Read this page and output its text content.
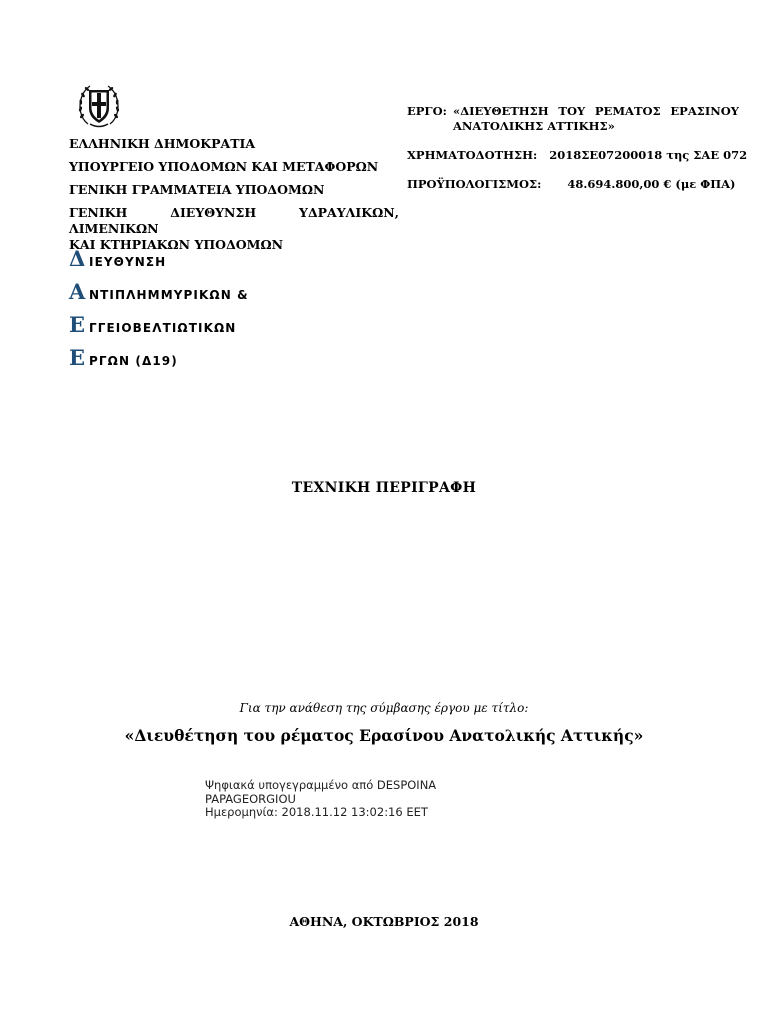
ΕΛΛΗΝΙΚΗ ΔΗΜΟΚΡΑΤΙΑ
ΥΠΟΥΡΓΕΙΟ ΥΠΟΔΟΜΩΝ ΚΑΙ ΜΕΤΑΦΟΡΩΝ
ΓΕΝΙΚΗ ΓΡΑΜΜΑΤΕΙΑ ΥΠΟΔΟΜΩΝ
ΓΕΝΙΚΗ ΔΙΕΥΘΥΝΣΗ ΥΔΡΑΥΛΙΚΩΝ, ΛΙΜΕΝΙΚΩΝ
ΚΑΙ ΚΤΗΡΙΑΚΩΝ ΥΠΟΔΟΜΩΝ
Δ ΙΕΥΘΥΝΣΗ
Α ΝΤΙΠΛΗΜΜΥΡΙΚΩΝ &
Ε ΓΓΕΙΟΒΕΛΤΙΩΤΙΚΩΝ
Ε ΡΓΩΝ (Δ19)
ΕΡΓΟ: «ΔΙΕΥΘΕΤΗΣΗ ΤΟΥ ΡΕΜΑΤΟΣ ΕΡΑΣΙΝΟΥ
ΑΝΑΤΟΛΙΚΗΣ ΑΤΤΙΚΗΣ»
ΧΡΗΜΑΤΟΔΟΤΗΣΗ: 2018ΣΕ07200018 της ΣΑΕ 072
ΠΡΟΫΠΟΛΟΓΙΣΜΟΣ: 48.694.800,00 € (με ΦΠΑ)
ΤΕΧΝΙΚΗ ΠΕΡΙΓΡΑΦΗ
Για την ανάθεση της σύμβασης έργου με τίτλο:
«Διευθέτηση του ρέματος Ερασίνου Ανατολικής Αττικής»
Ψηφιακά υπογεγραμμένο από DESPOINA
PAPAGEORGIOU
Ημερομηνία: 2018.11.12 13:02:16 EET
ΑΘΗΝΑ, ΟΚΤΩΒΡΙΟΣ 2018
